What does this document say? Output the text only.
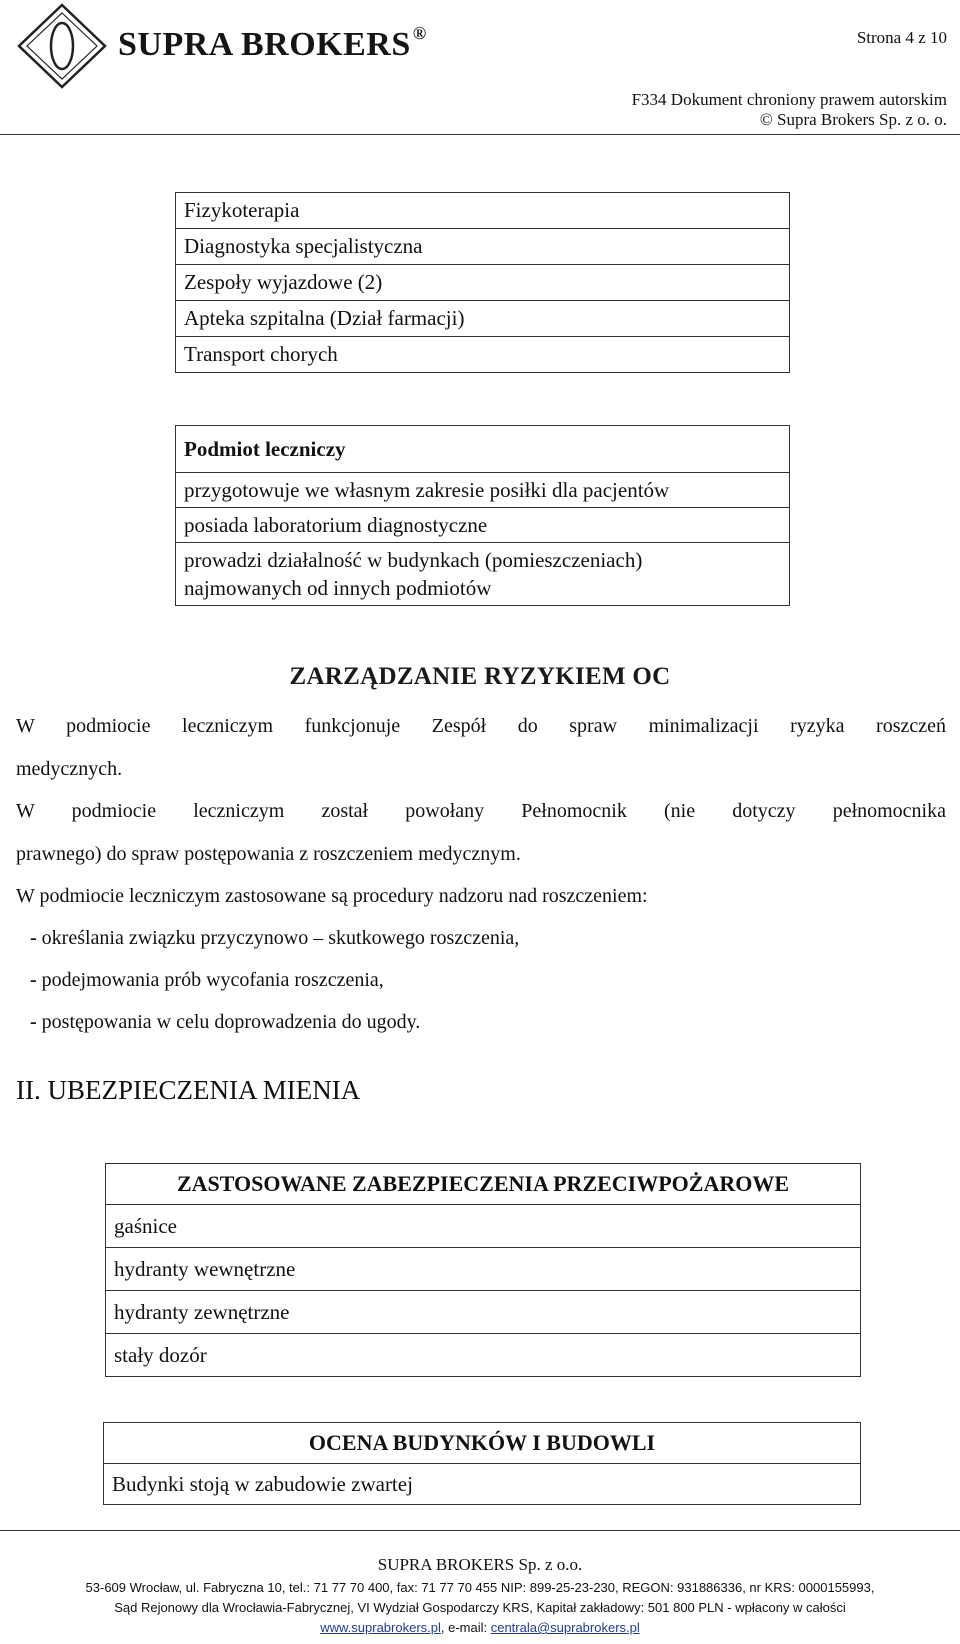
SUPRA BROKERS ®	Strona 4 z 10
F334 Dokument chroniony prawem autorskim
© Supra Brokers Sp. z o. o.
Fizykoterapia
Diagnostyka specjalistyczna
Zespoły wyjazdowe (2)
Apteka szpitalna (Dział farmacji)
Transport chorych
Podmiot leczniczy
przygotowuje we własnym zakresie posiłki dla pacjentów
posiada laboratorium diagnostyczne
prowadzi działalność w budynkach (pomieszczeniach)
najmowanych od innych podmiotów
ZARZĄDZANIE RYZYKIEM OC
W podmiocie leczniczym funkcjonuje Zespół do spraw minimalizacji ryzyka roszczeń
medycznych.
W podmiocie leczniczym został powołany Pełnomocnik (nie dotyczy pełnomocnika
prawnego) do spraw postępowania z roszczeniem medycznym.
W podmiocie leczniczym zastosowane są procedury nadzoru nad roszczeniem:
- określania związku przyczynowo – skutkowego roszczenia,
- podejmowania prób wycofania roszczenia,
- postępowania w celu doprowadzenia do ugody.
II. UBEZPIECZENIA MIENIA
ZASTOSOWANE ZABEZPIECZENIA PRZECIWPOŻAROWE
gaśnice
hydranty wewnętrzne
hydranty zewnętrzne
stały dozór
OCENA BUDYNKÓW I BUDOWLI
Budynki stoją w zabudowie zwartej
SUPRA BROKERS Sp. z o.o.
53-609 Wrocław, ul. Fabryczna 10, tel.: 71 77 70 400, fax: 71 77 70 455 NIP: 899-25-23-230, REGON: 931886336, nr KRS: 0000155993,
Sąd Rejonowy dla Wrocławia-Fabrycznej, VI Wydział Gospodarczy KRS, Kapitał zakładowy: 501 800 PLN - wpłacony w całości
www.suprabrokers.pl, e-mail: centrala@suprabrokers.pl
